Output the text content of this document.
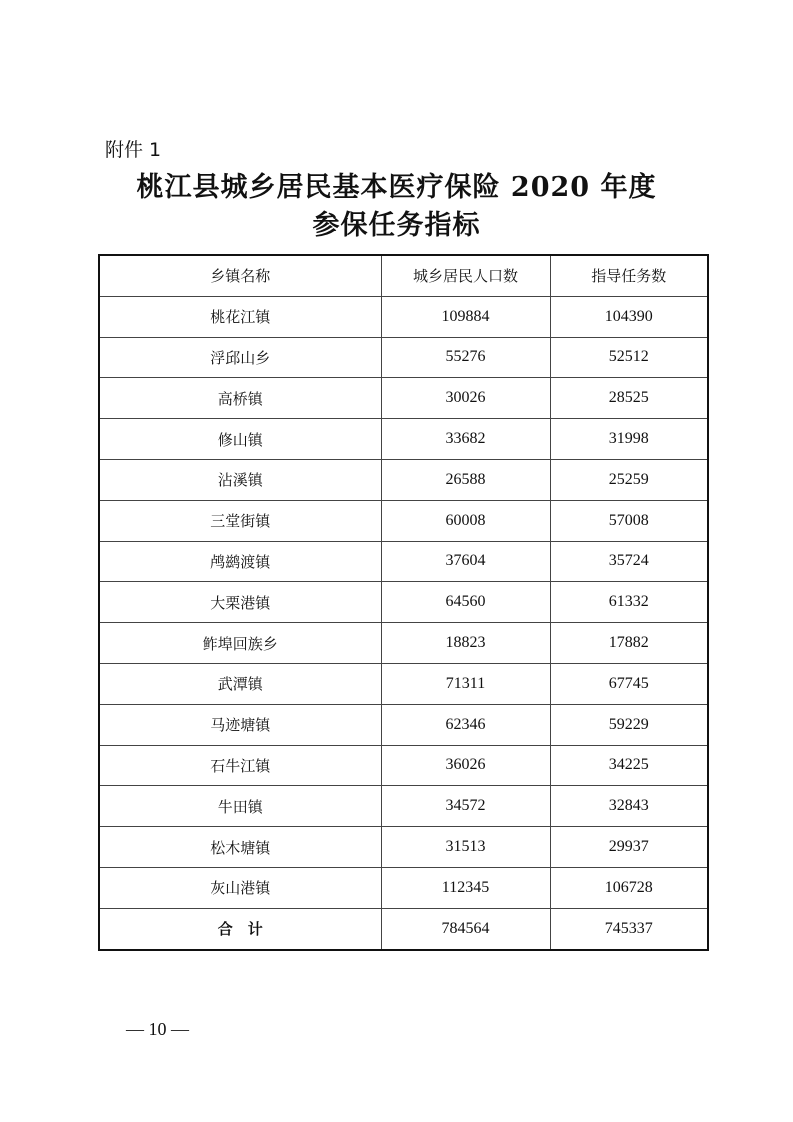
附件 1
桃江县城乡居民基本医疗保险 2020 年度
参保任务指标
乡镇名称	城乡居民人口数	指导任务数
桃花江镇	109884	104390
浮邱山乡	55276	52512
高桥镇	30026	28525
修山镇	33682	31998
沾溪镇	26588	25259
三堂街镇	60008	57008
鸬鹚渡镇	37604	35724
大栗港镇	64560	61332
鲊埠回族乡	18823	17882
武潭镇	71311	67745
马迹塘镇	62346	59229
石牛江镇	36026	34225
牛田镇	34572	32843
松木塘镇	31513	29937
灰山港镇	112345	106728
合　计	784564	745337
— 10 —
